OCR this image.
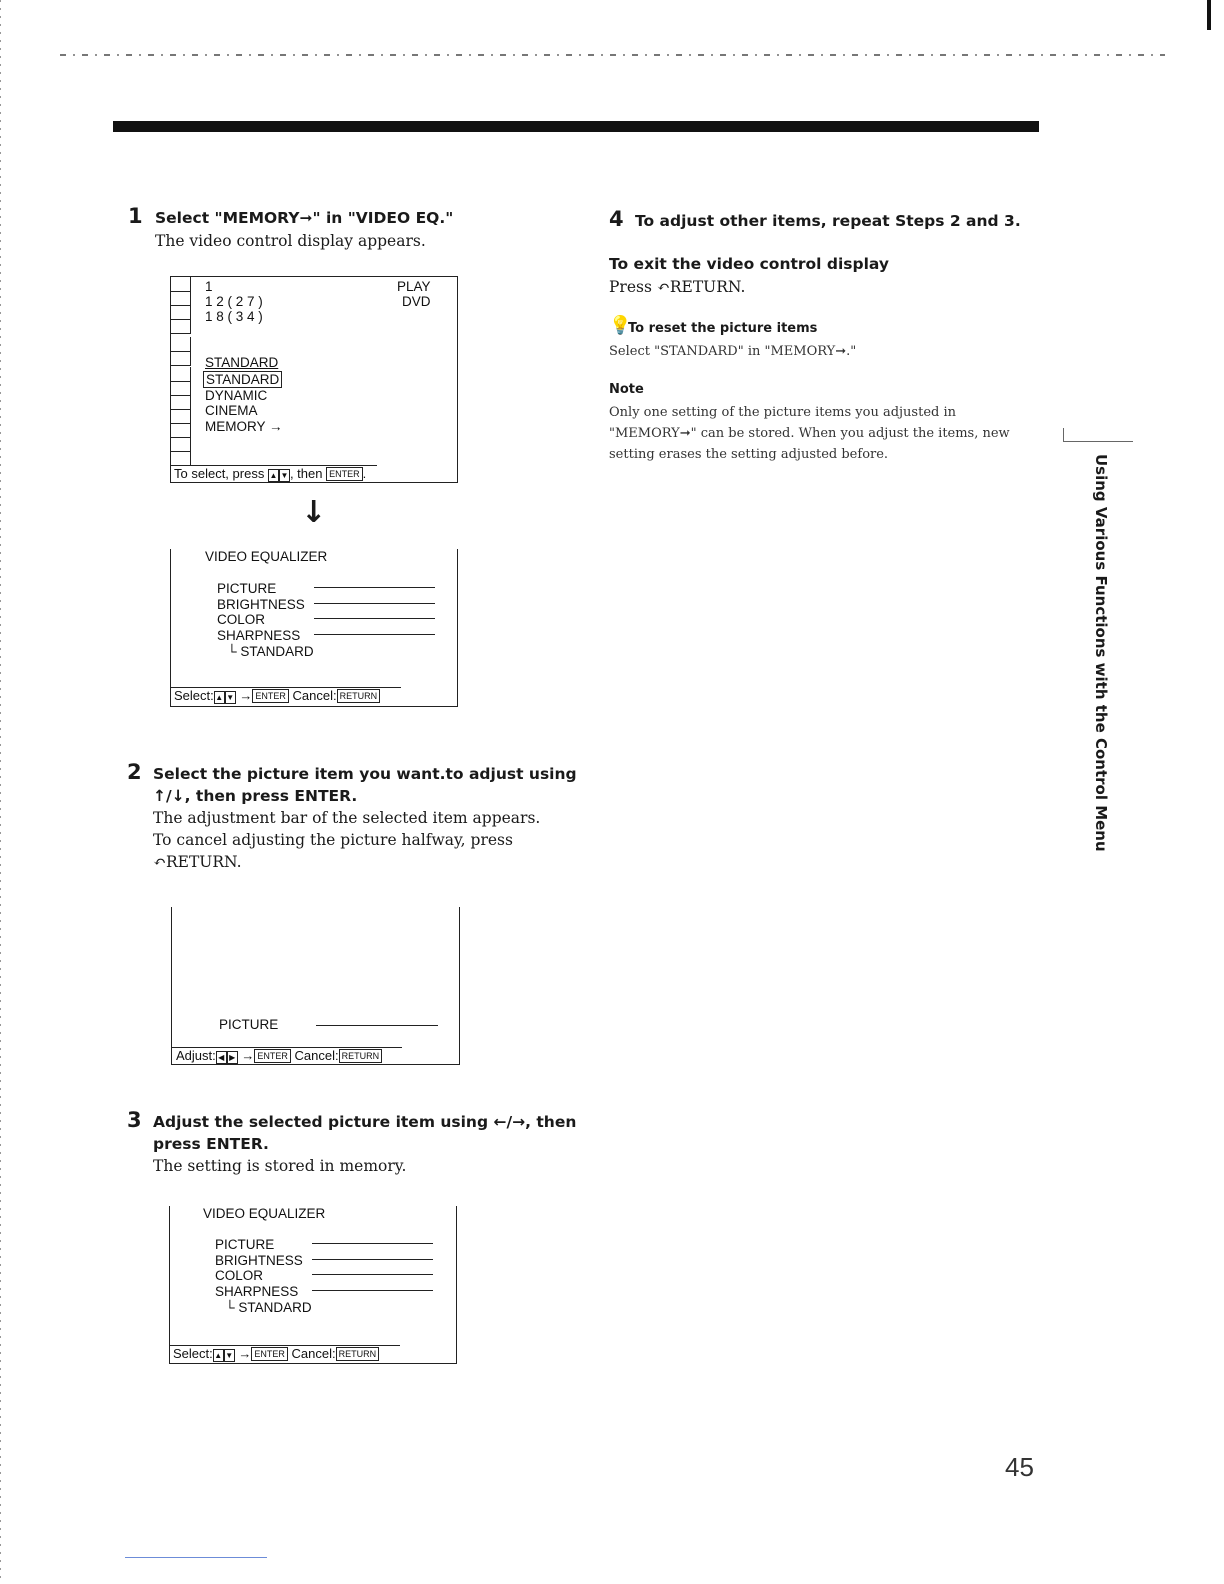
1 Select "MEMORY➞" in "VIDEO EQ."
The video control display appears.
1
1 2 ( 2 7 )
1 8 ( 3 4 )
PLAY
DVD
STANDARD
STANDARD
DYNAMIC
CINEMA
MEMORY →
To select, press ▲ ▼ , then ENTER .
↓
VIDEO EQUALIZER
PICTURE
BRIGHTNESS
COLOR
SHARPNESS
└ STANDARD
Select: ▲ ▼ → ENTER Cancel: RETURN
2 Select the picture item you want.to adjust using
↑/↓, then press ENTER.
The adjustment bar of the selected item appears.
To cancel adjusting the picture halfway, press
↶RETURN.
PICTURE
Adjust: ◀ ▶ → ENTER Cancel: RETURN
3 Adjust the selected picture item using ←/→, then
press ENTER.
The setting is stored in memory.
VIDEO EQUALIZER
PICTURE
BRIGHTNESS
COLOR
SHARPNESS
└ STANDARD
Select: ▲ ▼ → ENTER Cancel: RETURN
4 To adjust other items, repeat Steps 2 and 3.
To exit the video control display
Press ↶RETURN.
💡
To reset the picture items
Select "STANDARD" in "MEMORY➞."
Note
Only one setting of the picture items you adjusted in
"MEMORY➞" can be stored. When you adjust the items, new
setting erases the setting adjusted before.	Using Various Functions with the Control Menu
45
